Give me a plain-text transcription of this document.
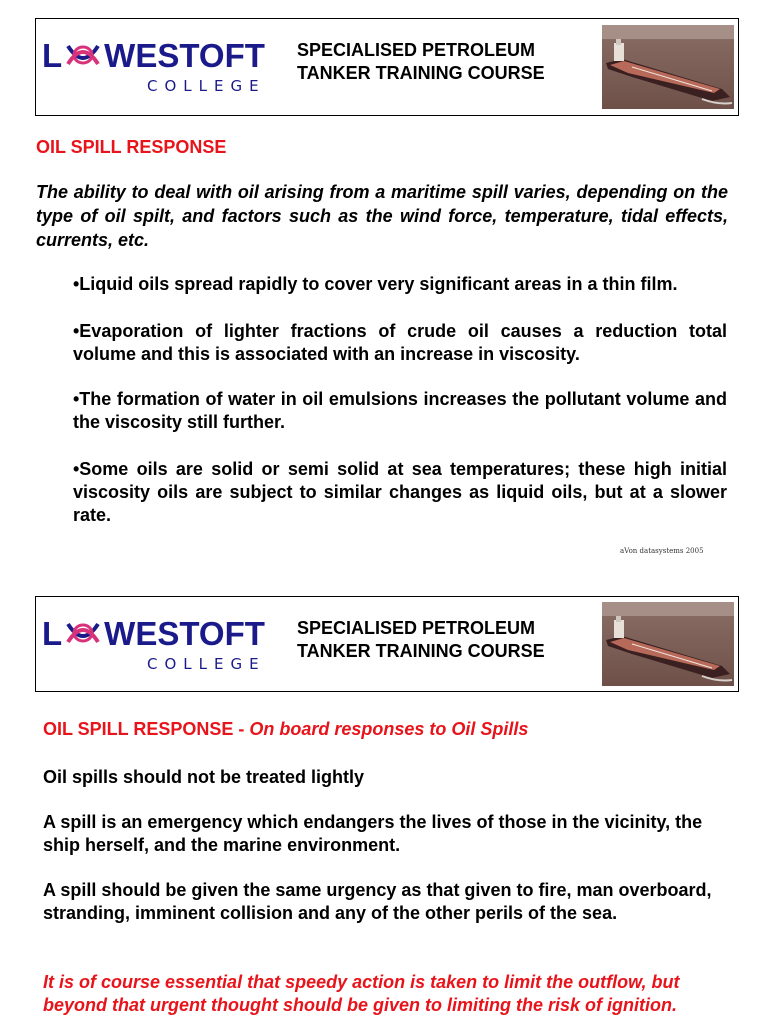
L WESTOFT
COLLEGE
SPECIALISED PETROLEUM
TANKER TRAINING COURSE
OIL SPILL RESPONSE
The ability to deal with oil arising from a maritime spill varies, depending on the type of oil spilt, and factors such as the wind force, temperature, tidal effects, currents, etc.
•Liquid oils spread rapidly to cover very significant areas in a thin film.
•Evaporation of lighter fractions of crude oil causes a reduction total volume and this is associated with an increase in viscosity.
•The formation of water in oil emulsions increases the pollutant volume and the viscosity still further.
•Some oils are solid or semi solid at sea temperatures; these high initial viscosity oils are subject to similar changes as liquid oils, but at a slower rate.
aVon datasystems 2005
L WESTOFT
COLLEGE
SPECIALISED PETROLEUM
TANKER TRAINING COURSE
OIL SPILL RESPONSE - On board responses to Oil Spills
Oil spills should not be treated lightly
A spill is an emergency which endangers the lives of those in the vicinity, the ship herself, and the marine environment.
A spill should be given the same urgency as that given to fire, man overboard, stranding, imminent collision and any of the other perils of the sea.
It is of course essential that speedy action is taken to limit the outflow, but beyond that urgent thought should be given to limiting the risk of ignition.
